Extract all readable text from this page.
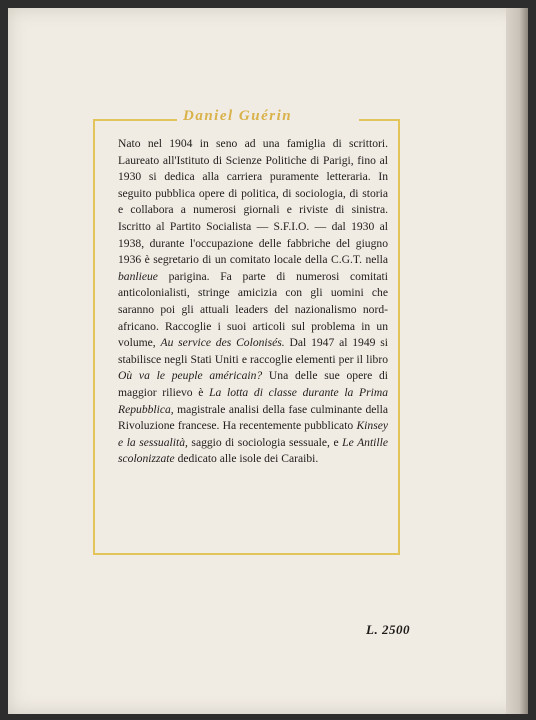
Daniel Guérin

Nato nel 1904 in seno ad una famiglia di scrittori. Laureato all'Istituto di Scienze Politiche di Parigi, fino al 1930 si dedica alla carriera puramente letteraria. In seguito pubblica opere di politica, di sociologia, di storia e collabora a numerosi giornali e riviste di sinistra. Iscritto al Partito Socialista — S.F.I.O. — dal 1930 al 1938, durante l'occupazione delle fabbriche del giugno 1936 è segretario di un comitato locale della C.G.T. nella banlieue parigina. Fa parte di numerosi comitati anticolonialisti, stringe amicizia con gli uomini che saranno poi gli attuali leaders del nazionalismo nord-africano. Raccoglie i suoi articoli sul problema in un volume, Au service des Colonisés. Dal 1947 al 1949 si stabilisce negli Stati Uniti e raccoglie elementi per il libro Où va le peuple américain? Una delle sue opere di maggior rilievo è La lotta di classe durante la Prima Repubblica, magistrale analisi della fase culminante della Rivoluzione francese. Ha recentemente pubblicato Kinsey e la sessualità, saggio di sociologia sessuale, e Le Antille scolonizzate dedicato alle isole dei Caraibi.

L. 2500
